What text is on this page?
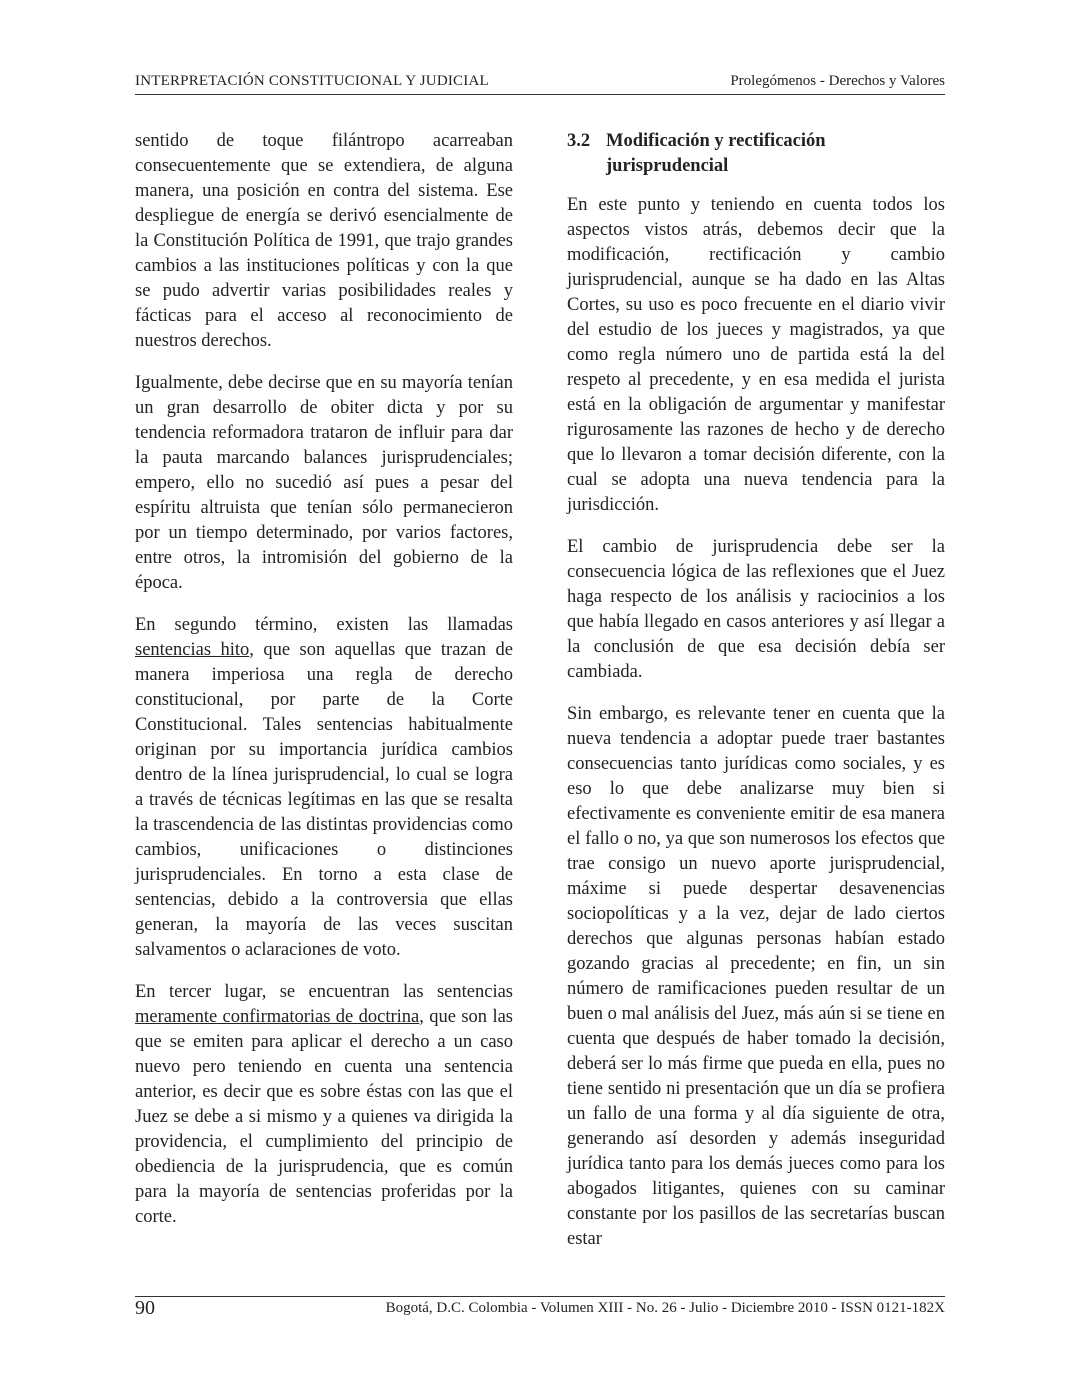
INTERPRETACIÓN CONSTITUCIONAL Y JUDICIAL	Prolegómenos - Derechos y Valores

sentido de toque filántropo acarreaban consecuentemente que se extendiera, de alguna manera, una posición en contra del sistema. Ese despliegue de energía se derivó esencialmente de la Constitución Política de 1991, que trajo grandes cambios a las instituciones políticas y con la que se pudo advertir varias posibilidades reales y fácticas para el acceso al reconocimiento de nuestros derechos.

Igualmente, debe decirse que en su mayoría tenían un gran desarrollo de obiter dicta y por su tendencia reformadora trataron de influir para dar la pauta marcando balances jurisprudenciales; empero, ello no sucedió así pues a pesar del espíritu altruista que tenían sólo permanecieron por un tiempo determinado, por varios factores, entre otros, la intromisión del gobierno de la época.

En segundo término, existen las llamadas sentencias hito, que son aquellas que trazan de manera imperiosa una regla de derecho constitucional, por parte de la Corte Constitucional. Tales sentencias habitualmente originan por su importancia jurídica cambios dentro de la línea jurisprudencial, lo cual se logra a través de técnicas legítimas en las que se resalta la trascendencia de las distintas providencias como cambios, unificaciones o distinciones jurisprudenciales. En torno a esta clase de sentencias, debido a la controversia que ellas generan, la mayoría de las veces suscitan salvamentos o aclaraciones de voto.

En tercer lugar, se encuentran las sentencias meramente confirmatorias de doctrina, que son las que se emiten para aplicar el derecho a un caso nuevo pero teniendo en cuenta una sentencia anterior, es decir que es sobre éstas con las que el Juez se debe a si mismo y a quienes va dirigida la providencia, el cumplimiento del principio de obediencia de la jurisprudencia, que es común para la mayoría de sentencias proferidas por la corte.

3.2 Modificación y rectificación jurisprudencial

En este punto y teniendo en cuenta todos los aspectos vistos atrás, debemos decir que la modificación, rectificación y cambio jurisprudencial, aunque se ha dado en las Altas Cortes, su uso es poco frecuente en el diario vivir del estudio de los jueces y magistrados, ya que como regla número uno de partida está la del respeto al precedente, y en esa medida el jurista está en la obligación de argumentar y manifestar rigurosamente las razones de hecho y de derecho que lo llevaron a tomar decisión diferente, con la cual se adopta una nueva tendencia para la jurisdicción.

El cambio de jurisprudencia debe ser la consecuencia lógica de las reflexiones que el Juez haga respecto de los análisis y raciocinios a los que había llegado en casos anteriores y así llegar a la conclusión de que esa decisión debía ser cambiada.

Sin embargo, es relevante tener en cuenta que la nueva tendencia a adoptar puede traer bastantes consecuencias tanto jurídicas como sociales, y es eso lo que debe analizarse muy bien si efectivamente es conveniente emitir de esa manera el fallo o no, ya que son numerosos los efectos que trae consigo un nuevo aporte jurisprudencial, máxime si puede despertar desavenencias sociopolíticas y a la vez, dejar de lado ciertos derechos que algunas personas habían estado gozando gracias al precedente; en fin, un sin número de ramificaciones pueden resultar de un buen o mal análisis del Juez, más aún si se tiene en cuenta que después de haber tomado la decisión, deberá ser lo más firme que pueda en ella, pues no tiene sentido ni presentación que un día se profiera un fallo de una forma y al día siguiente de otra, generando así desorden y además inseguridad jurídica tanto para los demás jueces como para los abogados litigantes, quienes con su caminar constante por los pasillos de las secretarías buscan estar

90	Bogotá, D.C. Colombia - Volumen XIII - No. 26 - Julio - Diciembre 2010 - ISSN 0121-182X
